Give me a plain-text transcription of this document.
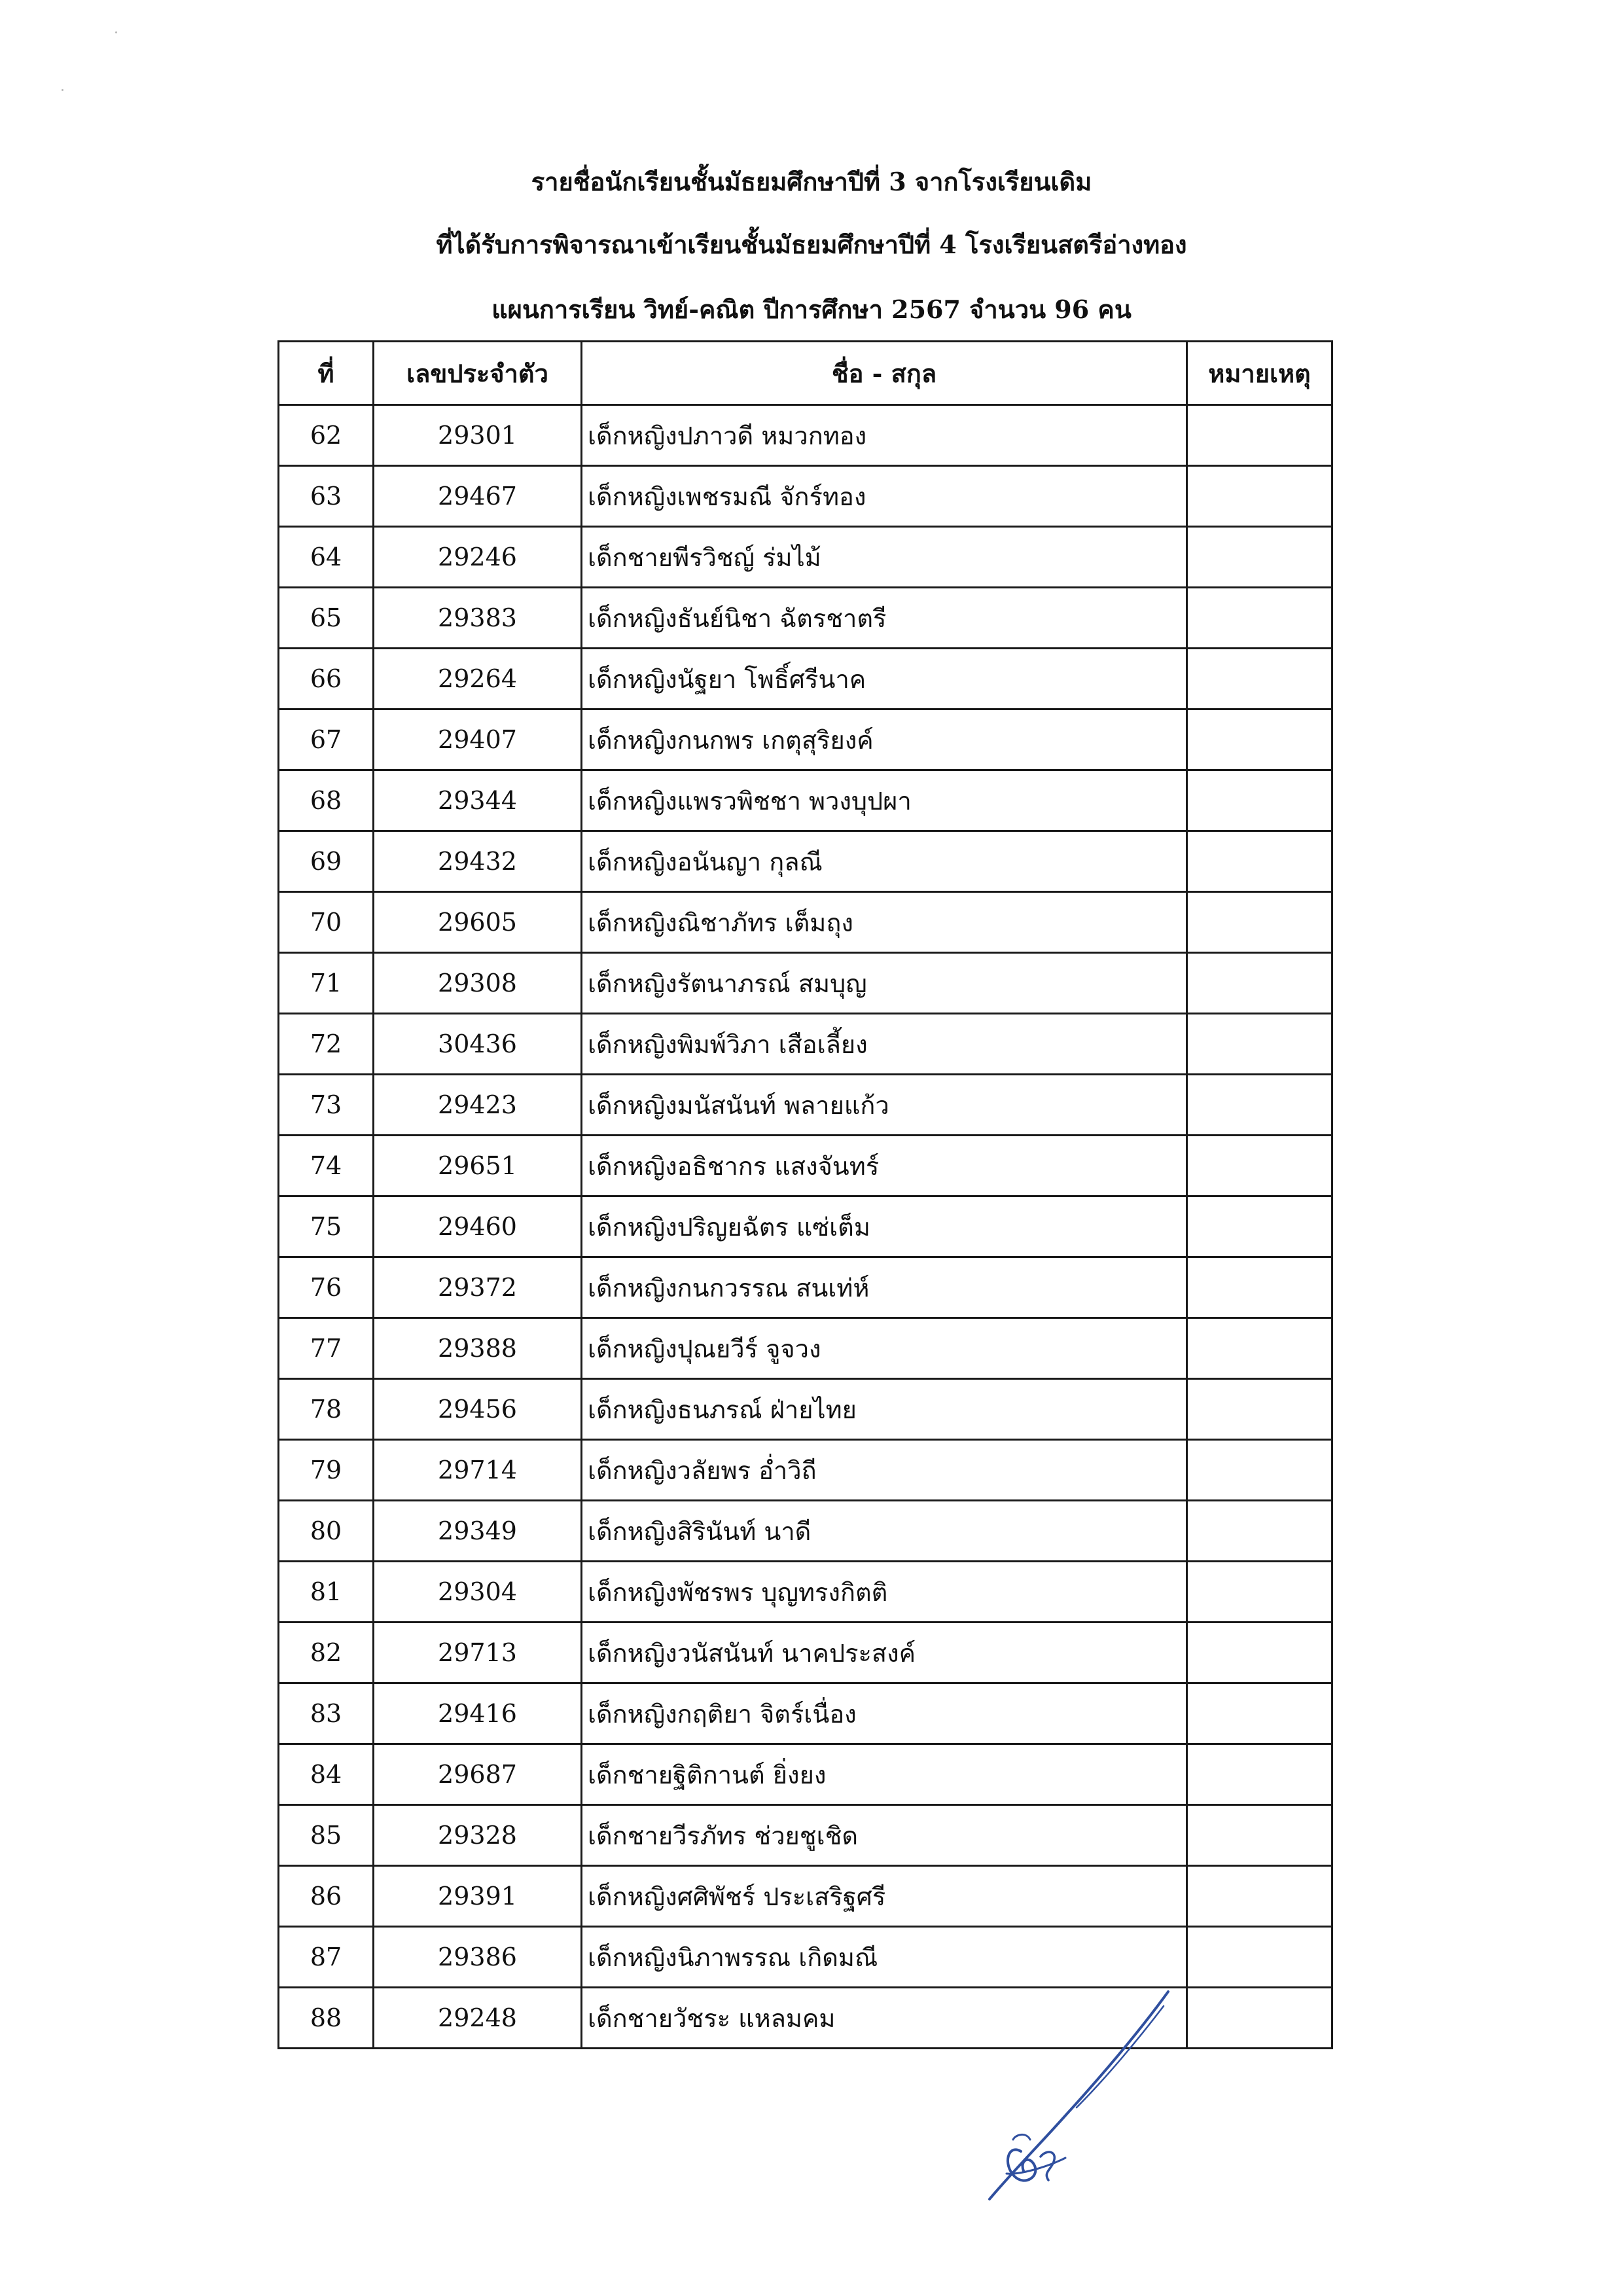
รายชื่อนักเรียนชั้นมัธยมศึกษาปีที่ 3 จากโรงเรียนเดิม
ที่ได้รับการพิจารณาเข้าเรียนชั้นมัธยมศึกษาปีที่ 4 โรงเรียนสตรีอ่างทอง
แผนการเรียน วิทย์-คณิต ปีการศึกษา 2567 จำนวน 96 คน
ที่	เลขประจำตัว	ชื่อ - สกุล	หมายเหตุ
62	29301	เด็กหญิงปภาวดี หมวกทอง	
63	29467	เด็กหญิงเพชรมณี จักร์ทอง	
64	29246	เด็กชายพีรวิชญ์ ร่มไม้	
65	29383	เด็กหญิงธันย์นิชา ฉัตรชาตรี	
66	29264	เด็กหญิงนัฐยา โพธิ์ศรีนาค	
67	29407	เด็กหญิงกนกพร เกตุสุริยงค์	
68	29344	เด็กหญิงแพรวพิชชา พวงบุปผา	
69	29432	เด็กหญิงอนันญา กุลณี	
70	29605	เด็กหญิงณิชาภัทร เต็มถุง	
71	29308	เด็กหญิงรัตนาภรณ์ สมบุญ	
72	30436	เด็กหญิงพิมพ์วิภา เสือเลี้ยง	
73	29423	เด็กหญิงมนัสนันท์ พลายแก้ว	
74	29651	เด็กหญิงอธิชากร แสงจันทร์	
75	29460	เด็กหญิงปริญยฉัตร แซ่เต็ม	
76	29372	เด็กหญิงกนกวรรณ สนเท่ห์	
77	29388	เด็กหญิงปุณยวีร์ จูจวง	
78	29456	เด็กหญิงธนภรณ์ ฝ่ายไทย	
79	29714	เด็กหญิงวลัยพร อ่ำวิถี	
80	29349	เด็กหญิงสิรินันท์ นาดี	
81	29304	เด็กหญิงพัชรพร บุญทรงกิตติ	
82	29713	เด็กหญิงวนัสนันท์ นาคประสงค์	
83	29416	เด็กหญิงกฤติยา จิตร์เนื่อง	
84	29687	เด็กชายฐิติกานต์ ยิ่งยง	
85	29328	เด็กชายวีรภัทร ช่วยชูเชิด	
86	29391	เด็กหญิงศศิพัชร์ ประเสริฐศรี	
87	29386	เด็กหญิงนิภาพรรณ เกิดมณี	
88	29248	เด็กชายวัชระ แหลมคม	
